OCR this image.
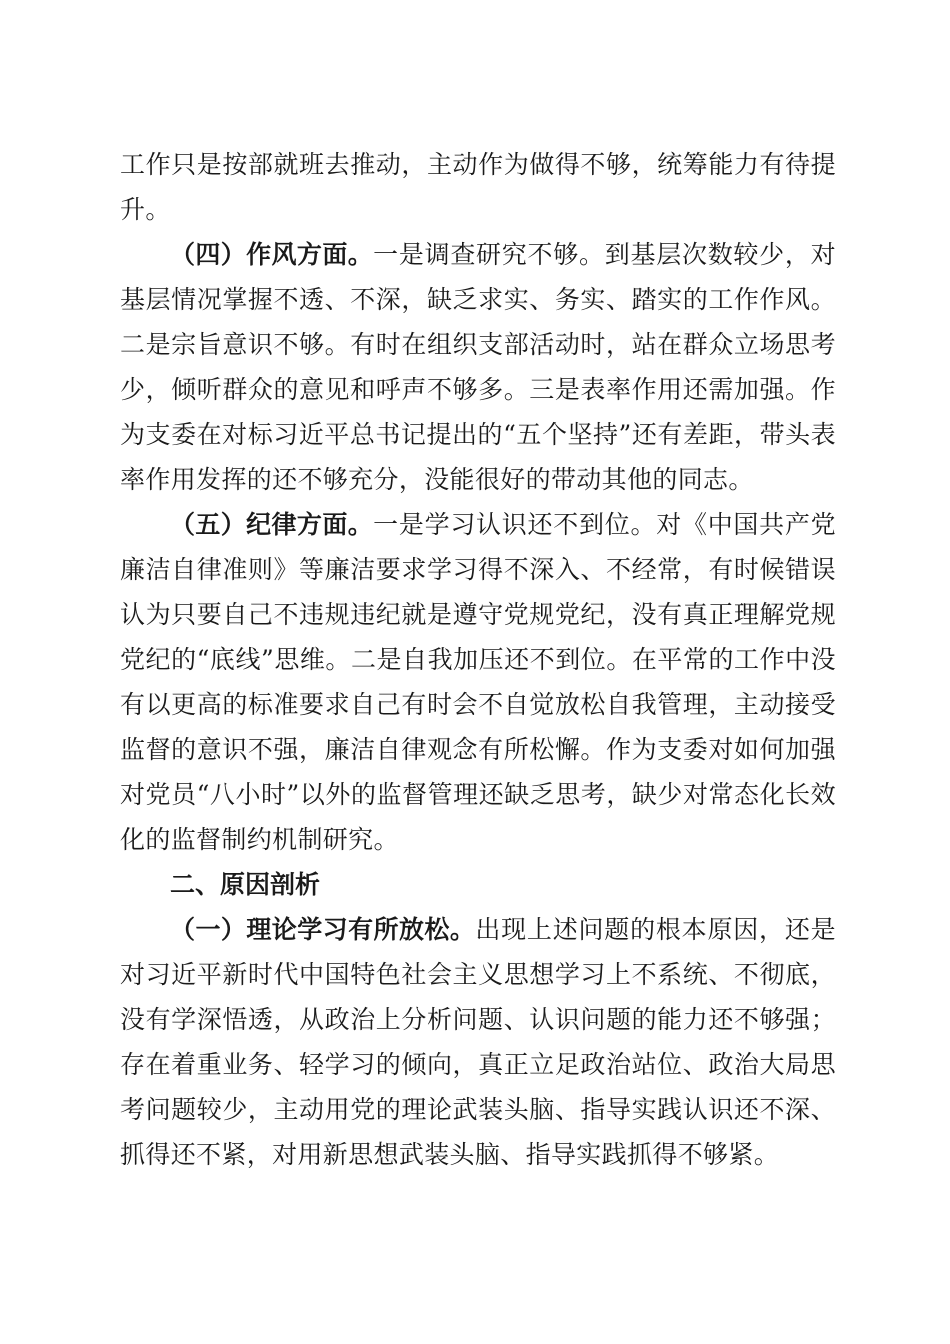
工作只是按部就班去推动，主动作为做得不够，统筹能力有待提升。

（四）作风方面。一是调查研究不够。到基层次数较少，对基层情况掌握不透、不深，缺乏求实、务实、踏实的工作作风。二是宗旨意识不够。有时在组织支部活动时，站在群众立场思考少，倾听群众的意见和呼声不够多。三是表率作用还需加强。作为支委在对标习近平总书记提出的“五个坚持”还有差距，带头表率作用发挥的还不够充分，没能很好的带动其他的同志。

（五）纪律方面。一是学习认识还不到位。对《中国共产党廉洁自律准则》等廉洁要求学习得不深入、不经常，有时候错误认为只要自己不违规违纪就是遵守党规党纪，没有真正理解党规党纪的“底线”思维。二是自我加压还不到位。在平常的工作中没有以更高的标准要求自己有时会不自觉放松自我管理，主动接受监督的意识不强，廉洁自律观念有所松懈。作为支委对如何加强对党员“八小时”以外的监督管理还缺乏思考，缺少对常态化长效化的监督制约机制研究。

二、原因剖析

（一）理论学习有所放松。出现上述问题的根本原因，还是对习近平新时代中国特色社会主义思想学习上不系统、不彻底，没有学深悟透，从政治上分析问题、认识问题的能力还不够强；存在着重业务、轻学习的倾向，真正立足政治站位、政治大局思考问题较少，主动用党的理论武装头脑、指导实践认识还不深、抓得还不紧，对用新思想武装头脑、指导实践抓得不够紧。
